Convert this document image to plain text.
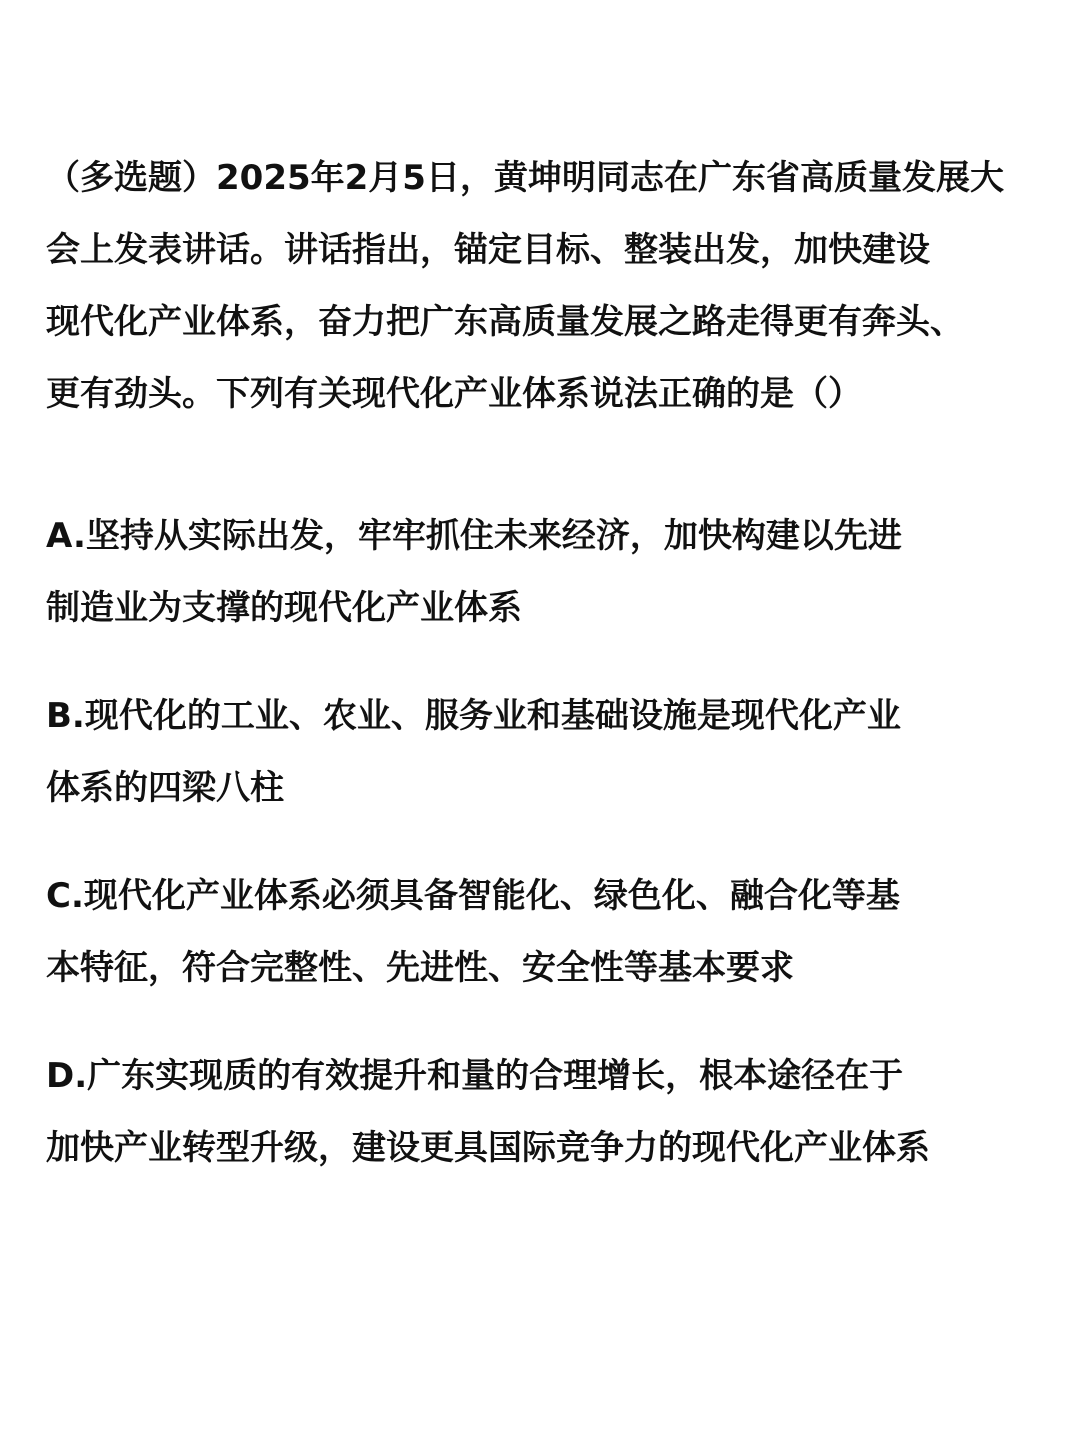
（多选题）2025年2月5日，黄坤明同志在广东省高质量发展大
会上发表讲话。讲话指出，锚定目标、整装出发，加快建设
现代化产业体系，奋力把广东高质量发展之路走得更有奔头、
更有劲头。下列有关现代化产业体系说法正确的是（）
A.坚持从实际出发，牢牢抓住未来经济，加快构建以先进
制造业为支撑的现代化产业体系
B.现代化的工业、农业、服务业和基础设施是现代化产业
体系的四梁八柱
C.现代化产业体系必须具备智能化、绿色化、融合化等基
本特征，符合完整性、先进性、安全性等基本要求
D.广东实现质的有效提升和量的合理增长，根本途径在于
加快产业转型升级，建设更具国际竞争力的现代化产业体系
